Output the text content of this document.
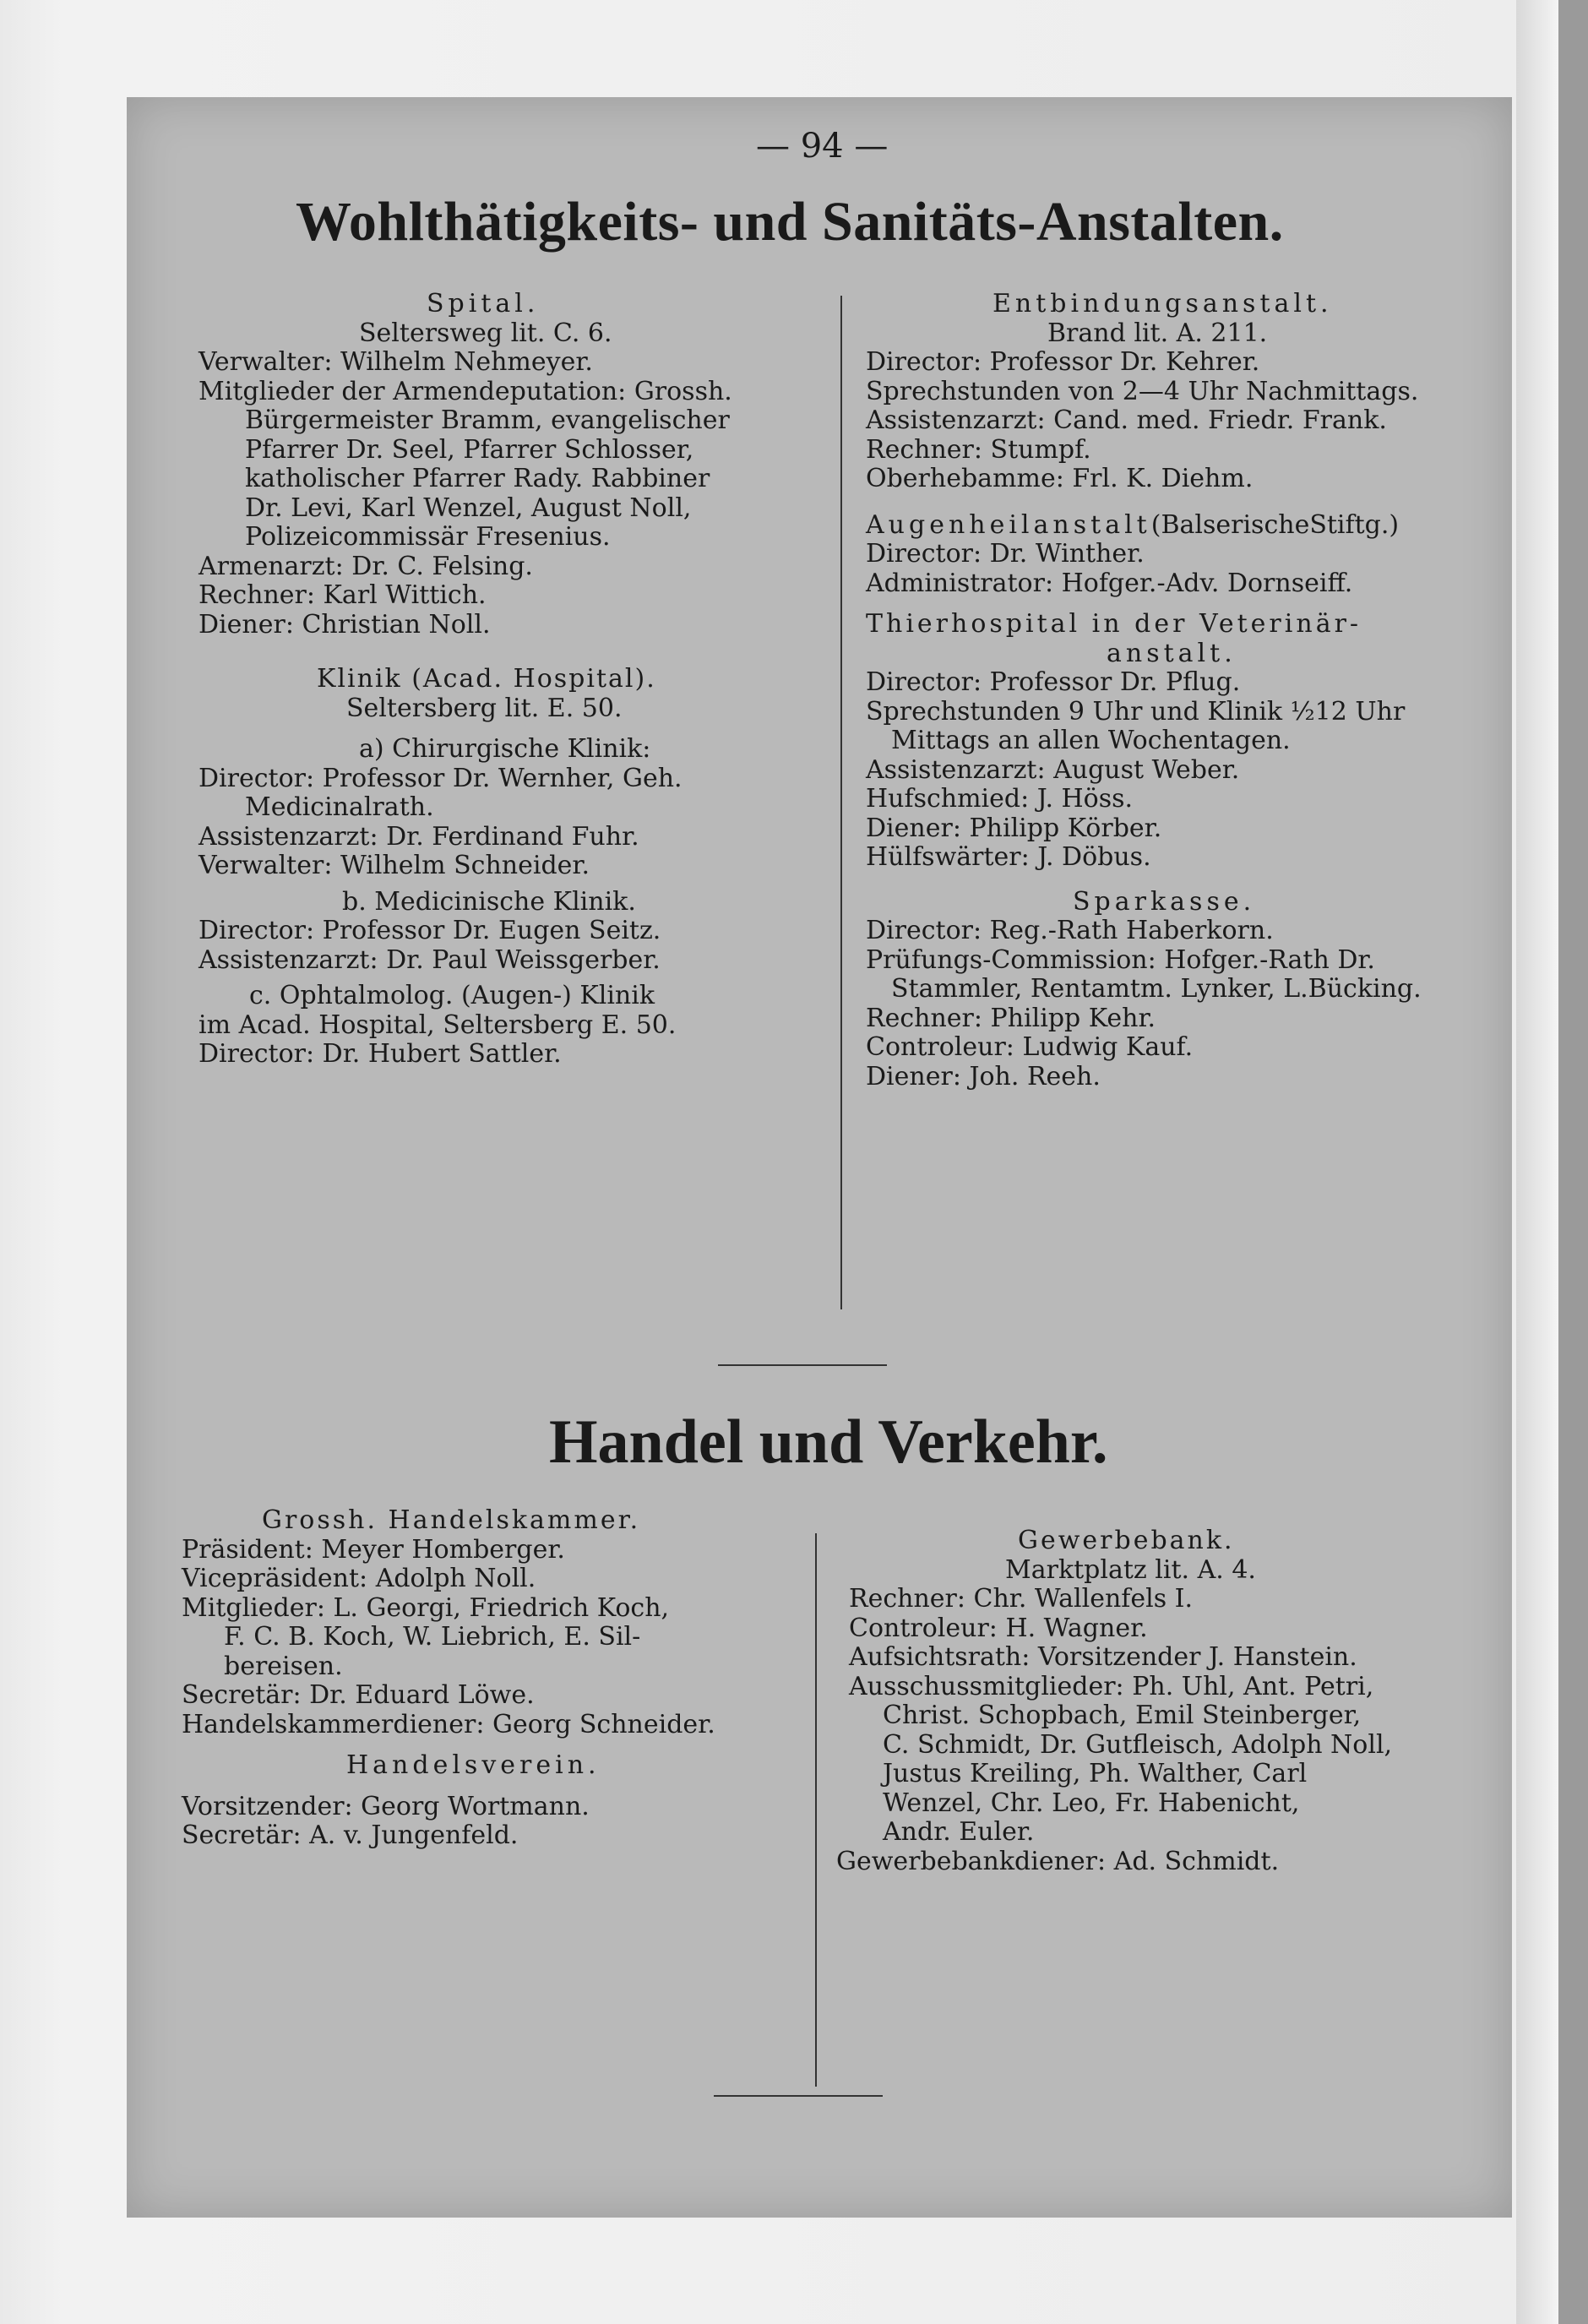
— 94 —
Wohlthätigkeits- und Sanitäts-Anstalten.
Spital.
Seltersweg lit. C. 6.
Verwalter: Wilhelm Nehmeyer.
Mitglieder der Armendeputation: Grossh.
Bürgermeister Bramm, evangelischer
Pfarrer Dr. Seel, Pfarrer Schlosser,
katholischer Pfarrer Rady. Rabbiner
Dr. Levi, Karl Wenzel, August Noll,
Polizeicommissär Fresenius.
Armenarzt: Dr. C. Felsing.
Rechner: Karl Wittich.
Diener: Christian Noll.
Klinik (Acad. Hospital).
Seltersberg lit. E. 50.
a) Chirurgische Klinik:
Director: Professor Dr. Wernher, Geh.
Medicinalrath.
Assistenzarzt: Dr. Ferdinand Fuhr.
Verwalter: Wilhelm Schneider.
b. Medicinische Klinik.
Director: Professor Dr. Eugen Seitz.
Assistenzarzt: Dr. Paul Weissgerber.
c. Ophtalmolog. (Augen-) Klinik
im Acad. Hospital, Seltersberg E. 50.
Director: Dr. Hubert Sattler.
Entbindungsanstalt.
Brand lit. A. 211.
Director: Professor Dr. Kehrer.
Sprechstunden von 2—4 Uhr Nachmittags.
Assistenzarzt: Cand. med. Friedr. Frank.
Rechner: Stumpf.
Oberhebamme: Frl. K. Diehm.
Augenheilanstalt(BalserischeStiftg.)
Director: Dr. Winther.
Administrator: Hofger.-Adv. Dornseiff.
Thierhospital in der Veterinär-
anstalt.
Director: Professor Dr. Pflug.
Sprechstunden 9 Uhr und Klinik ½12 Uhr
Mittags an allen Wochentagen.
Assistenzarzt: August Weber.
Hufschmied: J. Höss.
Diener: Philipp Körber.
Hülfswärter: J. Döbus.
Sparkasse.
Director: Reg.-Rath Haberkorn.
Prüfungs-Commission: Hofger.-Rath Dr.
Stammler, Rentamtm. Lynker, L.Bücking.
Rechner: Philipp Kehr.
Controleur: Ludwig Kauf.
Diener: Joh. Reeh.
Handel und Verkehr.
Grossh. Handelskammer.
Präsident: Meyer Homberger.
Vicepräsident: Adolph Noll.
Mitglieder: L. Georgi, Friedrich Koch,
F. C. B. Koch, W. Liebrich, E. Sil-
bereisen.
Secretär: Dr. Eduard Löwe.
Handelskammerdiener: Georg Schneider.
Handelsverein.
Vorsitzender: Georg Wortmann.
Secretär: A. v. Jungenfeld.
Gewerbebank.
Marktplatz lit. A. 4.
Rechner: Chr. Wallenfels I.
Controleur: H. Wagner.
Aufsichtsrath: Vorsitzender J. Hanstein.
Ausschussmitglieder: Ph. Uhl, Ant. Petri,
Christ. Schopbach, Emil Steinberger,
C. Schmidt, Dr. Gutfleisch, Adolph Noll,
Justus Kreiling, Ph. Walther, Carl
Wenzel, Chr. Leo, Fr. Habenicht,
Andr. Euler.
Gewerbebankdiener: Ad. Schmidt.
